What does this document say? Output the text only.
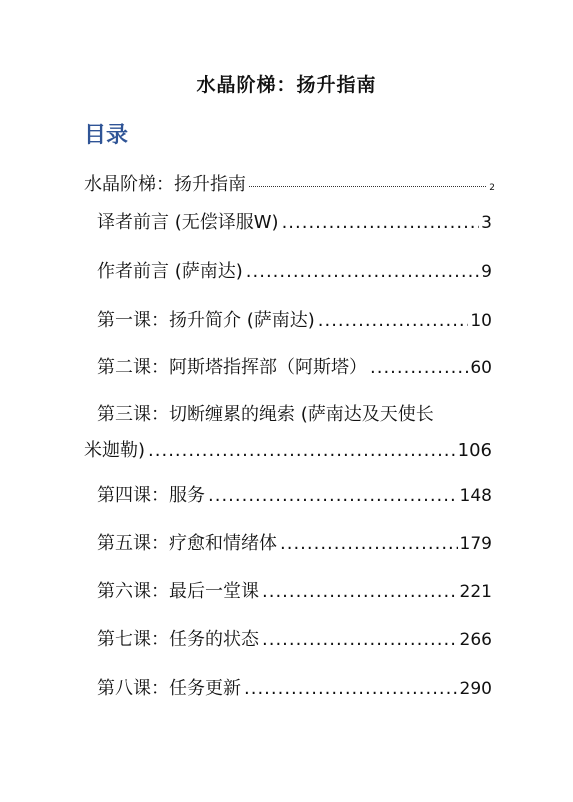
水晶阶梯：扬升指南
目录
水晶阶梯：扬升指南	2
译者前言 (无偿译服W) .....	3
作者前言 (萨南达) .....	9
第一课：扬升简介 (萨南达) .....	10
第二课：阿斯塔指挥部（阿斯塔） .....	60
第三课：切断缠累的绳索 (萨南达及天使长
米迦勒) .....	106
第四课：服务 .....	148
第五课：疗愈和情绪体 .....	179
第六课：最后一堂课 .....	221
第七课：任务的状态 .....	266
第八课：任务更新 .....	290
